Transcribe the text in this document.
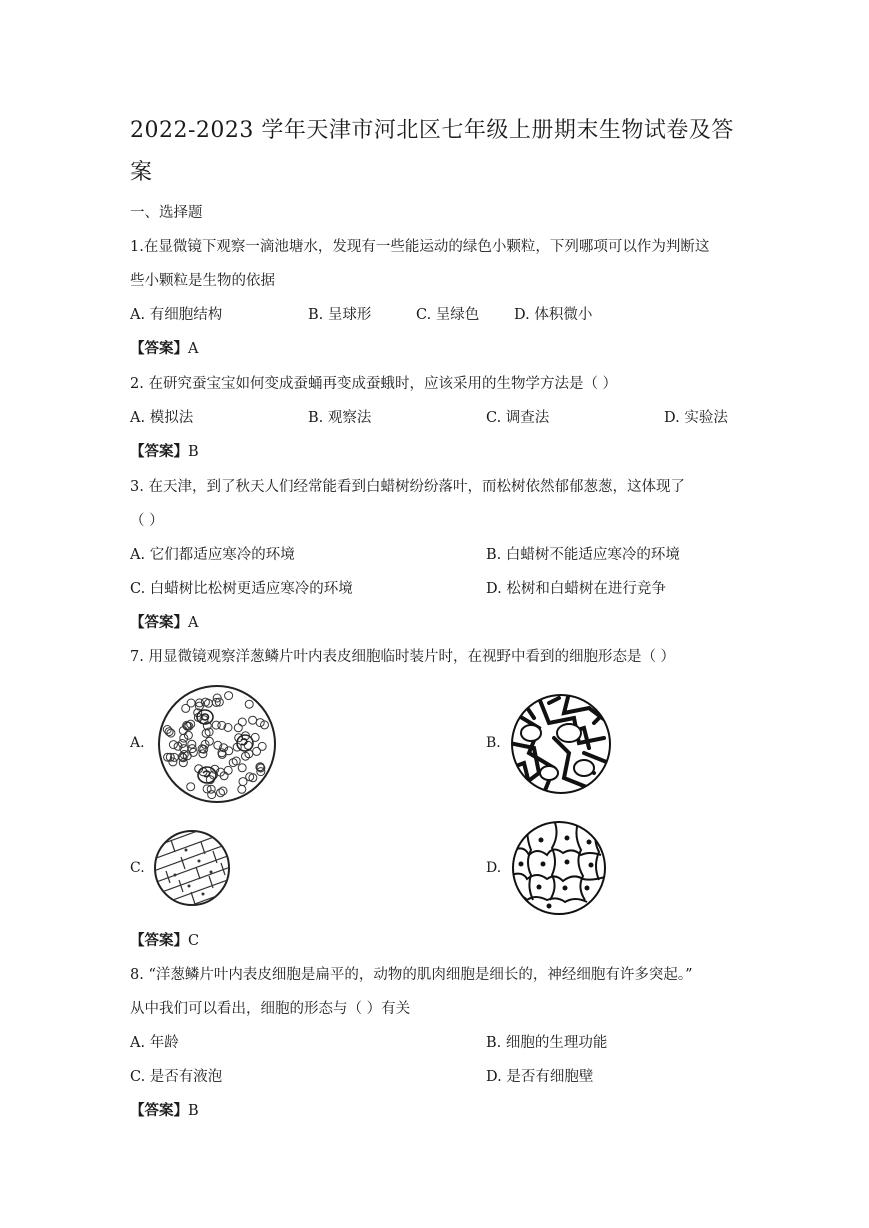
2022-2023 学年天津市河北区七年级上册期末生物试卷及答
案
一、选择题
1.在显微镜下观察一滴池塘水，发现有一些能运动的绿色小颗粒，下列哪项可以作为判断这
些小颗粒是生物的依据
A. 有细胞结构	B. 呈球形	C. 呈绿色 D. 体积微小
【答案】A
2. 在研究蚕宝宝如何变成蚕蛹再变成蚕蛾时，应该采用的生物学方法是（ ）
A. 模拟法	B. 观察法	C. 调查法	D. 实验法
【答案】B
3. 在天津，到了秋天人们经常能看到白蜡树纷纷落叶，而松树依然郁郁葱葱，这体现了
（ ）
A. 它们都适应寒冷的环境	B. 白蜡树不能适应寒冷的环境
C. 白蜡树比松树更适应寒冷的环境	D. 松树和白蜡树在进行竞争
【答案】A
7. 用显微镜观察洋葱鳞片叶内表皮细胞临时装片时，在视野中看到的细胞形态是（ ）
A.	B.
C.	D.
【答案】C
8. “洋葱鳞片叶内表皮细胞是扁平的，动物的肌肉细胞是细长的，神经细胞有许多突起。”
从中我们可以看出，细胞的形态与（ ）有关
A. 年龄	B. 细胞的生理功能
C. 是否有液泡	D. 是否有细胞壁
【答案】B
